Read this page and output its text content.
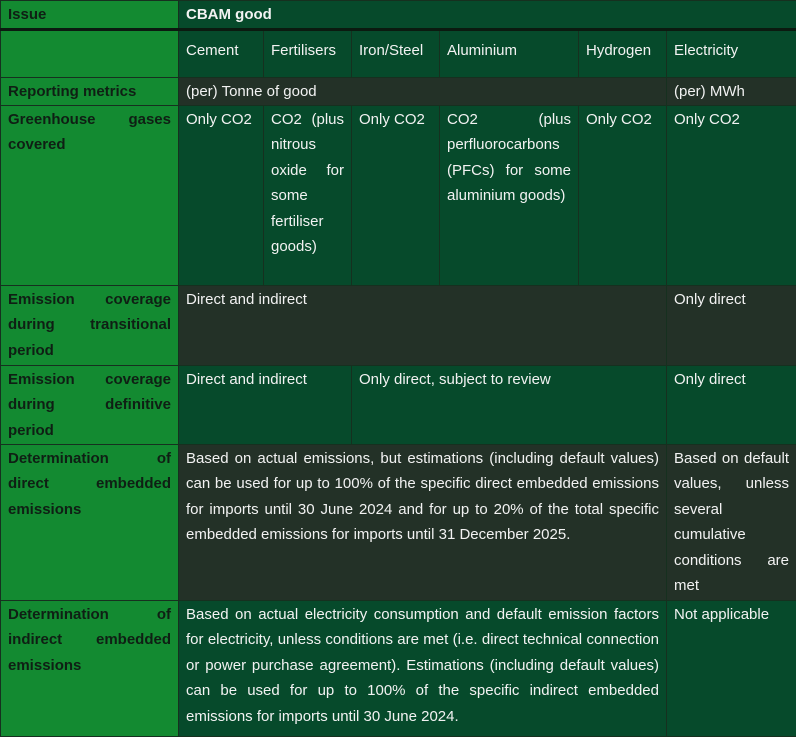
Issue	CBAM good					
	Cement	Fertilisers	Iron/Steel	Aluminium	Hydrogen	Electricity
Reporting metrics	(per) Tonne of good					(per) MWh
Greenhouse gases covered	Only CO2	CO2 (plus nitrous oxide for some fertiliser goods)	Only CO2	CO2 (plus perfluorocarbons (PFCs) for some aluminium goods)	Only CO2	Only CO2
Emission coverage during transitional period	Direct and indirect					Only direct
Emission coverage during definitive period	Direct and indirect		Only direct, subject to review			Only direct
Determination of direct embedded emissions	Based on actual emissions, but estimations (including default values) can be used for up to 100% of the specific direct embedded emissions for imports until 30 June 2024 and for up to 20% of the total specific embedded emissions for imports until 31 December 2025.					Based on default values, unless several cumulative conditions are met
Determination of indirect embedded emissions	Based on actual electricity consumption and default emission factors for electricity, unless conditions are met (i.e. direct technical connection or power purchase agreement). Estimations (including default values) can be used for up to 100% of the specific indirect embedded emissions for imports until 30 June 2024.					Not applicable
